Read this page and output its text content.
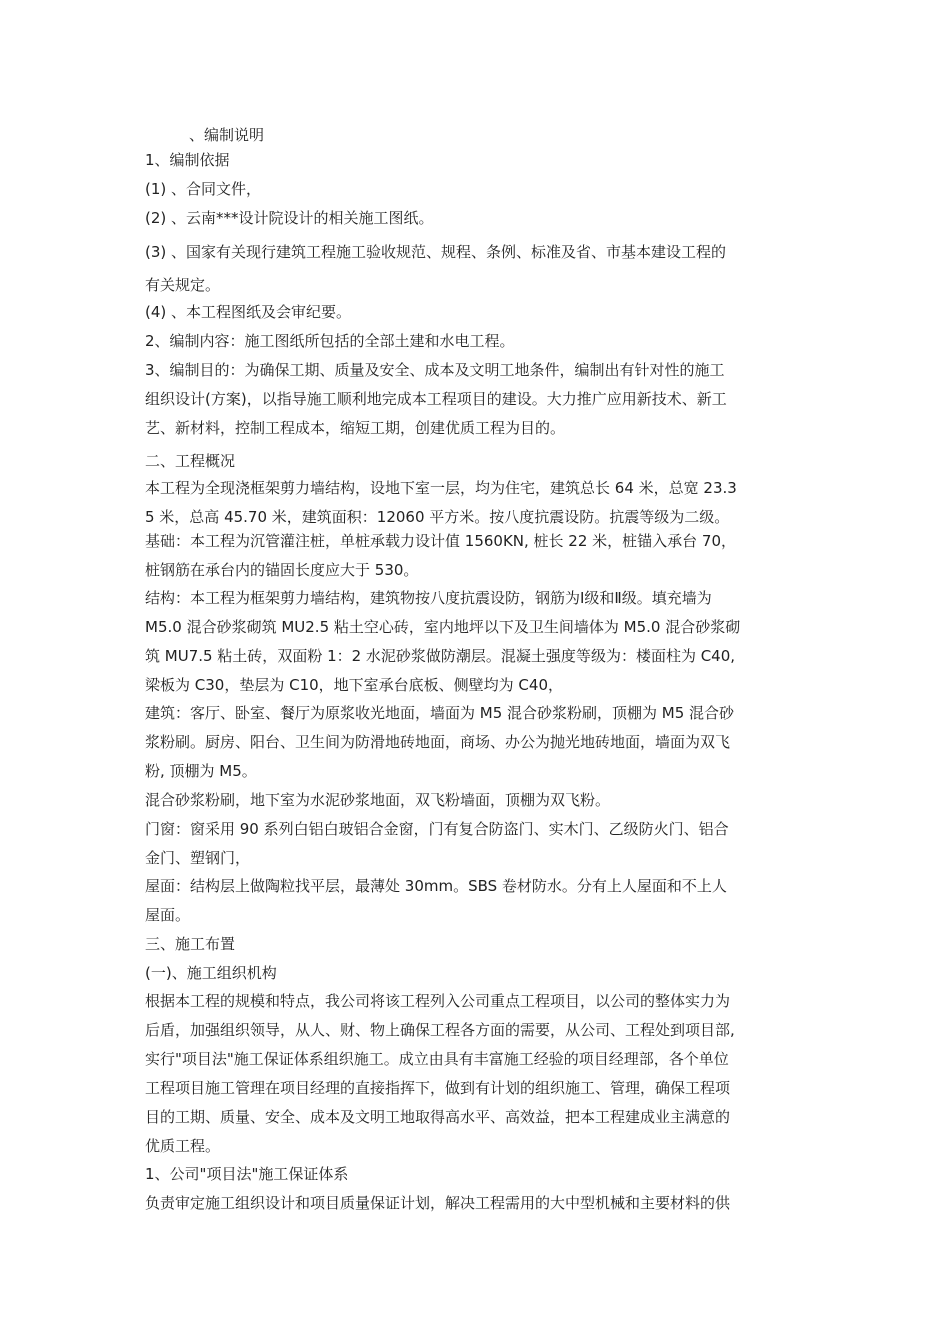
、编制说明

1、编制依据

(1) 、合同文件，

(2) 、云南***设计院设计的相关施工图纸。

(3) 、国家有关现行建筑工程施工验收规范、规程、条例、标准及省、市基本建设工程的
有关规定。

(4) 、本工程图纸及会审纪要。

2、编制内容：施工图纸所包括的全部土建和水电工程。

3、编制目的：为确保工期、质量及安全、成本及文明工地条件，编制出有针对性的施工
组织设计(方案)，以指导施工顺利地完成本工程项目的建设。大力推广应用新技术、新工
艺、新材料，控制工程成本，缩短工期，创建优质工程为目的。

二、工程概况

本工程为全现浇框架剪力墙结构，设地下室一层，均为住宅，建筑总长 64 米，总宽 23.3
5 米，总高 45.70 米，建筑面积：12060 平方米。按八度抗震设防。抗震等级为二级。

基础：本工程为沉管灌注桩，单桩承载力设计值 1560KN, 桩长 22 米，桩锚入承台 70，
桩钢筋在承台内的锚固长度应大于 530。

结构：本工程为框架剪力墙结构，建筑物按八度抗震设防，钢筋为Ⅰ级和Ⅱ级。填充墙为
M5.0 混合砂浆砌筑 MU2.5 粘土空心砖，室内地坪以下及卫生间墙体为 M5.0 混合砂浆砌
筑 MU7.5 粘土砖，双面粉 1：2 水泥砂浆做防潮层。混凝土强度等级为：楼面柱为 C40,
梁板为 C30，垫层为 C10，地下室承台底板、侧壁均为 C40，

建筑：客厅、卧室、餐厅为原浆收光地面，墙面为 M5 混合砂浆粉刷，顶棚为 M5 混合砂
浆粉刷。厨房、阳台、卫生间为防滑地砖地面，商场、办公为抛光地砖地面，墙面为双飞
粉, 顶棚为 M5。

混合砂浆粉刷，地下室为水泥砂浆地面，双飞粉墙面，顶棚为双飞粉。

门窗：窗采用 90 系列白铝白玻铝合金窗，门有复合防盗门、实木门、乙级防火门、铝合
金门、塑钢门，

屋面：结构层上做陶粒找平层，最薄处 30mm。SBS 卷材防水。分有上人屋面和不上人
屋面。

三、施工布置

(一)、施工组织机构

根据本工程的规模和特点，我公司将该工程列入公司重点工程项目，以公司的整体实力为
后盾，加强组织领导，从人、财、物上确保工程各方面的需要，从公司、工程处到项目部,
实行"项目法"施工保证体系组织施工。成立由具有丰富施工经验的项目经理部，各个单位
工程项目施工管理在项目经理的直接指挥下，做到有计划的组织施工、管理，确保工程项
目的工期、质量、安全、成本及文明工地取得高水平、高效益，把本工程建成业主满意的
优质工程。

1、公司"项目法"施工保证体系

负责审定施工组织设计和项目质量保证计划，解决工程需用的大中型机械和主要材料的供
